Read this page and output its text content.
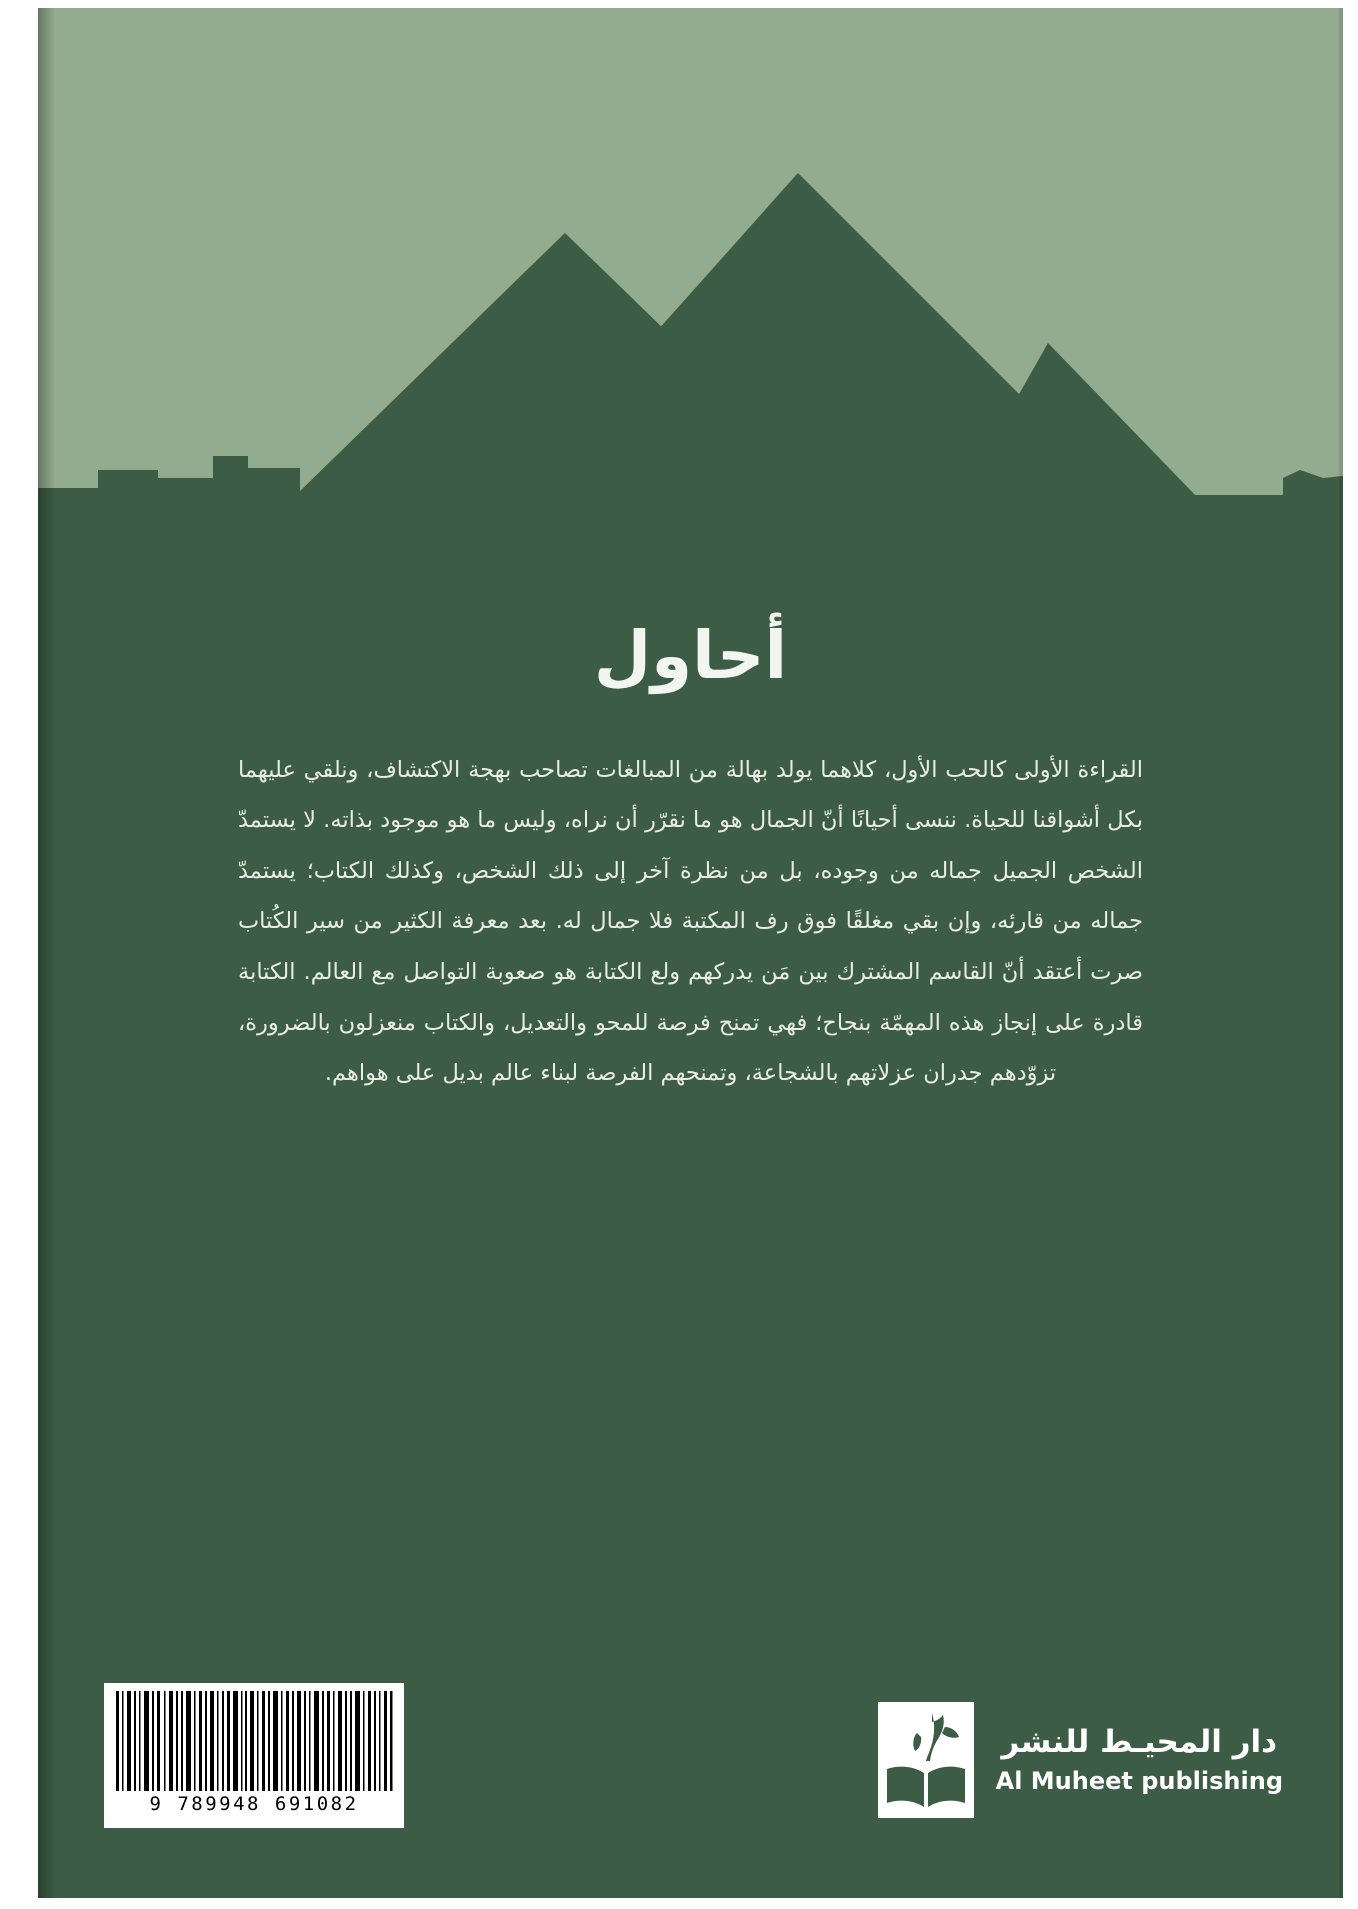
أحاول

القراءة الأولى كالحب الأول، كلاهما يولد بهالة من المبالغات تصاحب بهجة الاكتشاف، ونلقي عليهما بكل أشواقنا للحياة. ننسى أحيانًا أنّ الجمال هو ما نقرّر أن نراه، وليس ما هو موجود بذاته. لا يستمدّ الشخص الجميل جماله من وجوده، بل من نظرة آخر إلى ذلك الشخص، وكذلك الكتاب؛ يستمدّ جماله من قارئه، وإن بقي مغلقًا فوق رف المكتبة فلا جمال له. بعد معرفة الكثير من سير الكُتاب صرت أعتقد أنّ القاسم المشترك بين مَن يدركهم ولع الكتابة هو صعوبة التواصل مع العالم. الكتابة قادرة على إنجاز هذه المهمّة بنجاح؛ فهي تمنح فرصة للمحو والتعديل، والكتاب منعزلون بالضرورة، تزوّدهم جدران عزلاتهم بالشجاعة، وتمنحهم الفرصة لبناء عالم بديل على هواهم.

9 789948 691082
دار المحيـط للنشر
Al Muheet publishing
